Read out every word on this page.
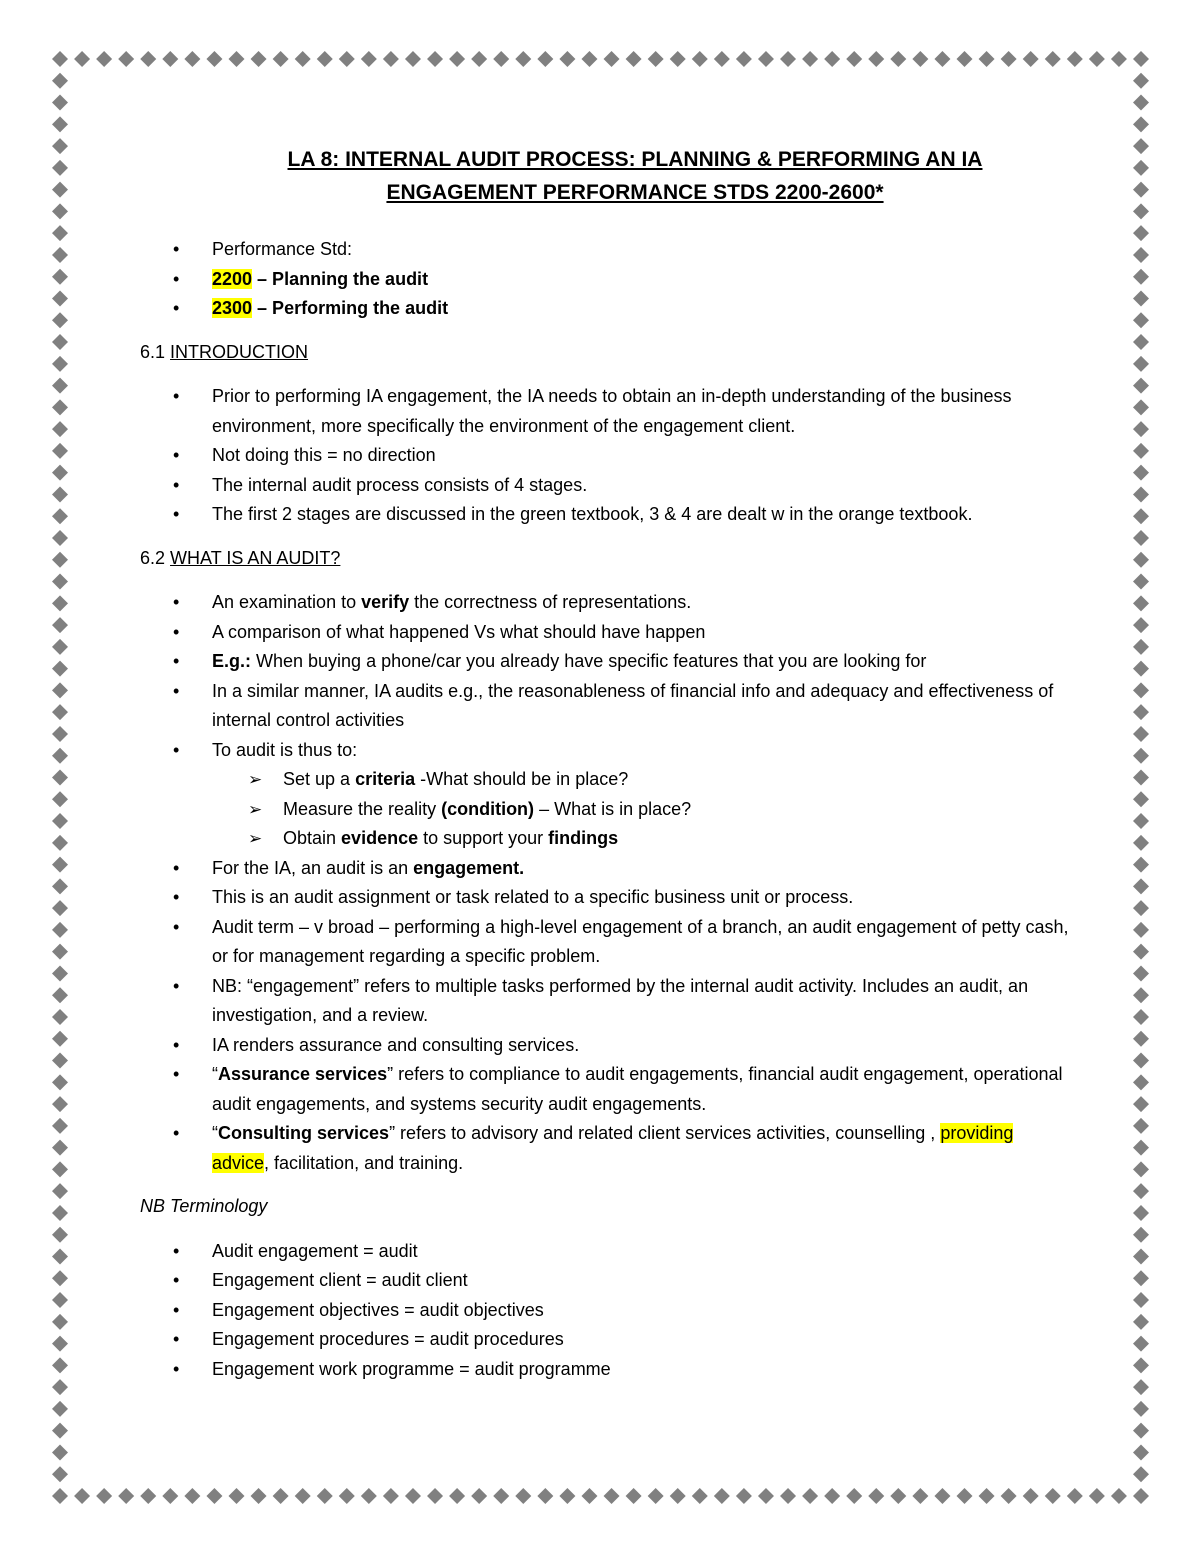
LA 8: INTERNAL AUDIT PROCESS: PLANNING & PERFORMING AN IA
ENGAGEMENT PERFORMANCE STDS 2200-2600*
• Performance Std:
• 2200 – Planning the audit
• 2300 – Performing the audit
6.1 INTRODUCTION
• Prior to performing IA engagement, the IA needs to obtain an in-depth understanding of the business environment, more specifically the environment of the engagement client.
• Not doing this = no direction
• The internal audit process consists of 4 stages.
• The first 2 stages are discussed in the green textbook, 3 & 4 are dealt w in the orange textbook.
6.2 WHAT IS AN AUDIT?
• An examination to verify the correctness of representations.
• A comparison of what happened Vs what should have happen
• E.g.: When buying a phone/car you already have specific features that you are looking for
• In a similar manner, IA audits e.g., the reasonableness of financial info and adequacy and effectiveness of internal control activities
• To audit is thus to:
➢ Set up a criteria -What should be in place?
➢ Measure the reality (condition) – What is in place?
➢ Obtain evidence to support your findings
• For the IA, an audit is an engagement.
• This is an audit assignment or task related to a specific business unit or process.
• Audit term – v broad – performing a high-level engagement of a branch, an audit engagement of petty cash, or for management regarding a specific problem.
• NB: “engagement” refers to multiple tasks performed by the internal audit activity. Includes an audit, an investigation, and a review.
• IA renders assurance and consulting services.
• “Assurance services” refers to compliance to audit engagements, financial audit engagement, operational audit engagements, and systems security audit engagements.
• “Consulting services” refers to advisory and related client services activities, counselling , providing advice, facilitation, and training.
NB Terminology
• Audit engagement = audit
• Engagement client = audit client
• Engagement objectives = audit objectives
• Engagement procedures = audit procedures
• Engagement work programme = audit programme
